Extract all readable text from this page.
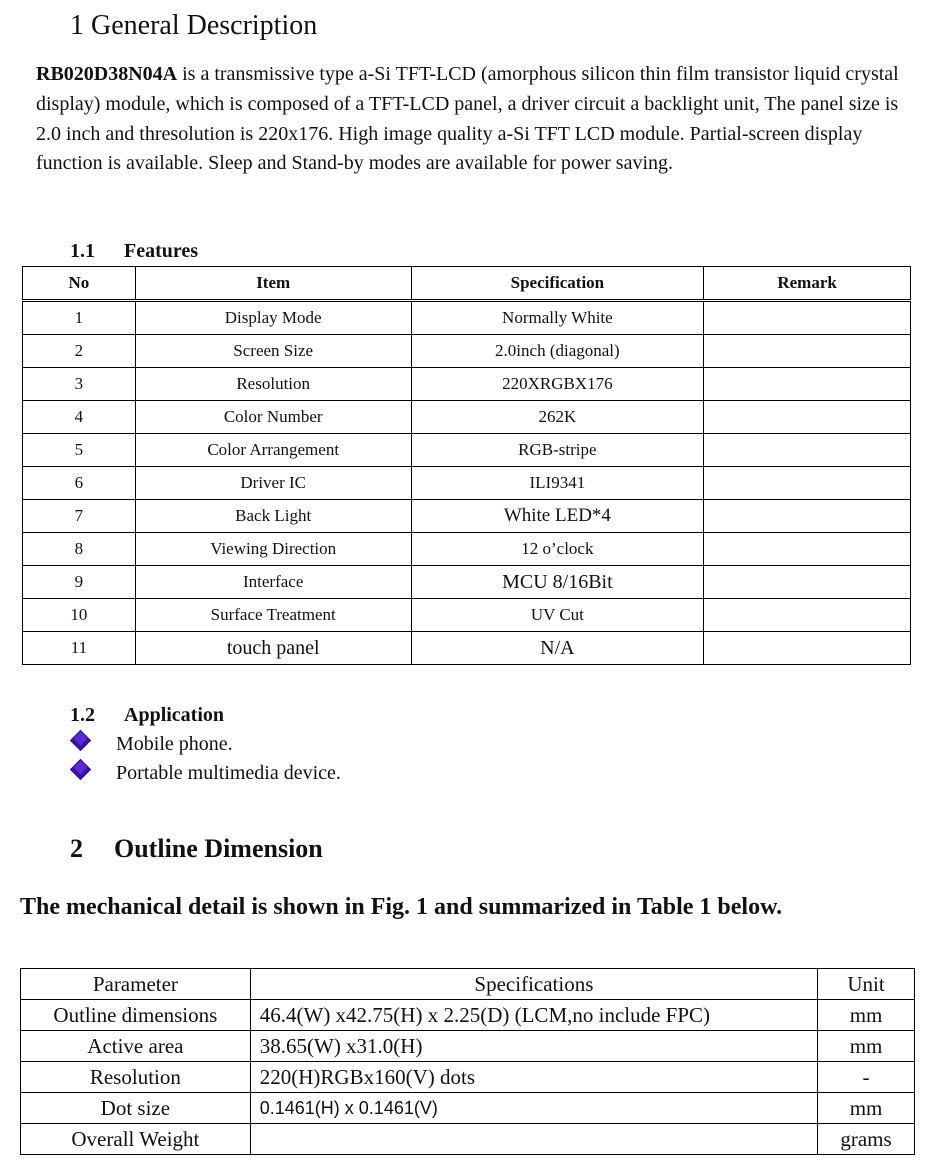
1 General Description
RB020D38N04A is a transmissive type a-Si TFT-LCD (amorphous silicon thin film transistor liquid crystal display) module, which is composed of a TFT-LCD panel, a driver circuit a backlight unit, The panel size is 2.0 inch and thresolution is 220x176. High image quality a-Si TFT LCD module. Partial-screen display function is available. Sleep and Stand-by modes are available for power saving.
1.1 Features
No	Item	Specification	Remark
1	Display Mode	Normally White	
2	Screen Size	2.0inch (diagonal)	
3	Resolution	220XRGBX176	
4	Color Number	262K	
5	Color Arrangement	RGB-stripe	
6	Driver IC	ILI9341	
7	Back Light	White LED*4	
8	Viewing Direction	12 o’clock	
9	Interface	MCU 8/16Bit	
10	Surface Treatment	UV Cut	
11	touch panel	N/A	
1.2 Application
Mobile phone.
Portable multimedia device.
2 Outline Dimension
The mechanical detail is shown in Fig. 1 and summarized in Table 1 below.
Parameter	Specifications	Unit
Outline dimensions	46.4(W) x42.75(H) x 2.25(D) (LCM,no include FPC)	mm
Active area	38.65(W) x31.0(H)	mm
Resolution	220(H)RGBx160(V) dots	-
Dot size	0.1461(H) x 0.1461(V)	mm
Overall Weight		grams
